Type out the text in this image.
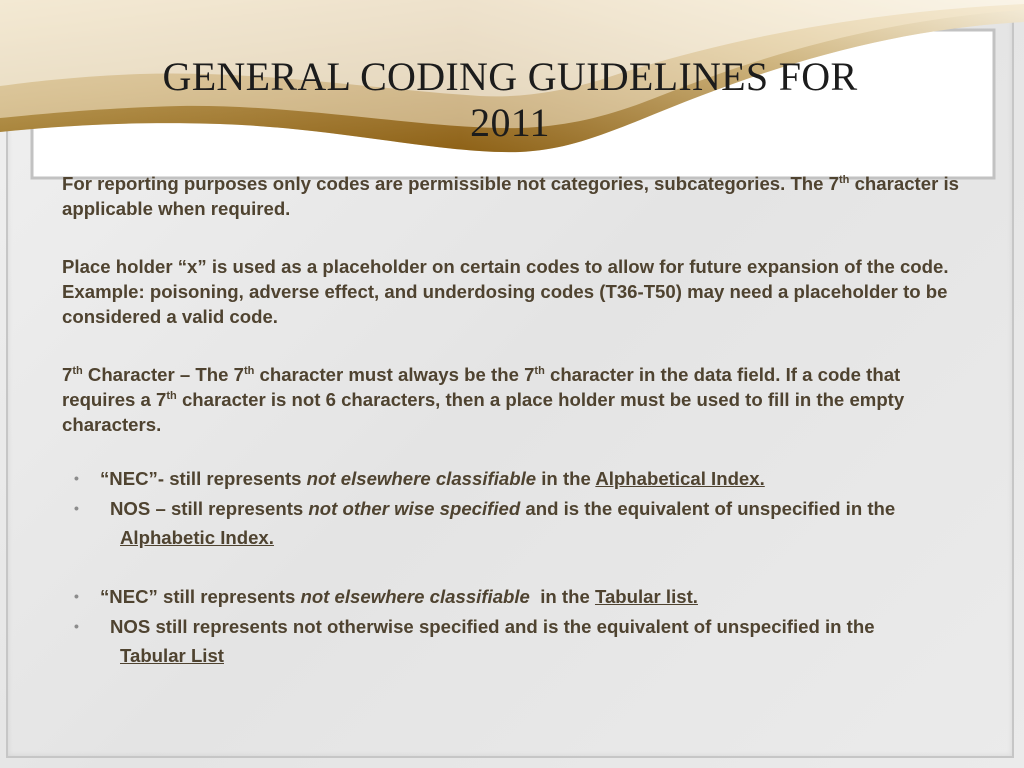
GENERAL CODING GUIDELINES FOR
2011

For reporting purposes only codes are permissible not categories, subcategories. The 7th character is applicable when required.

Place holder “x” is used as a placeholder on certain codes to allow for future expansion of the code. Example: poisoning, adverse effect, and underdosing codes (T36-T50) may need a placeholder to be considered a valid code.

7th Character – The 7th character must always be the 7th character in the data field. If a code that requires a 7th character is not 6 characters, then a place holder must be used to fill in the empty characters.

• “NEC”- still represents not elsewhere classifiable in the Alphabetical Index.
• NOS – still represents not other wise specified and is the equivalent of unspecified in the
Alphabetic Index.
• “NEC” still represents not elsewhere classifiable  in the Tabular list.
• NOS still represents not otherwise specified and is the equivalent of unspecified in the
Tabular List
